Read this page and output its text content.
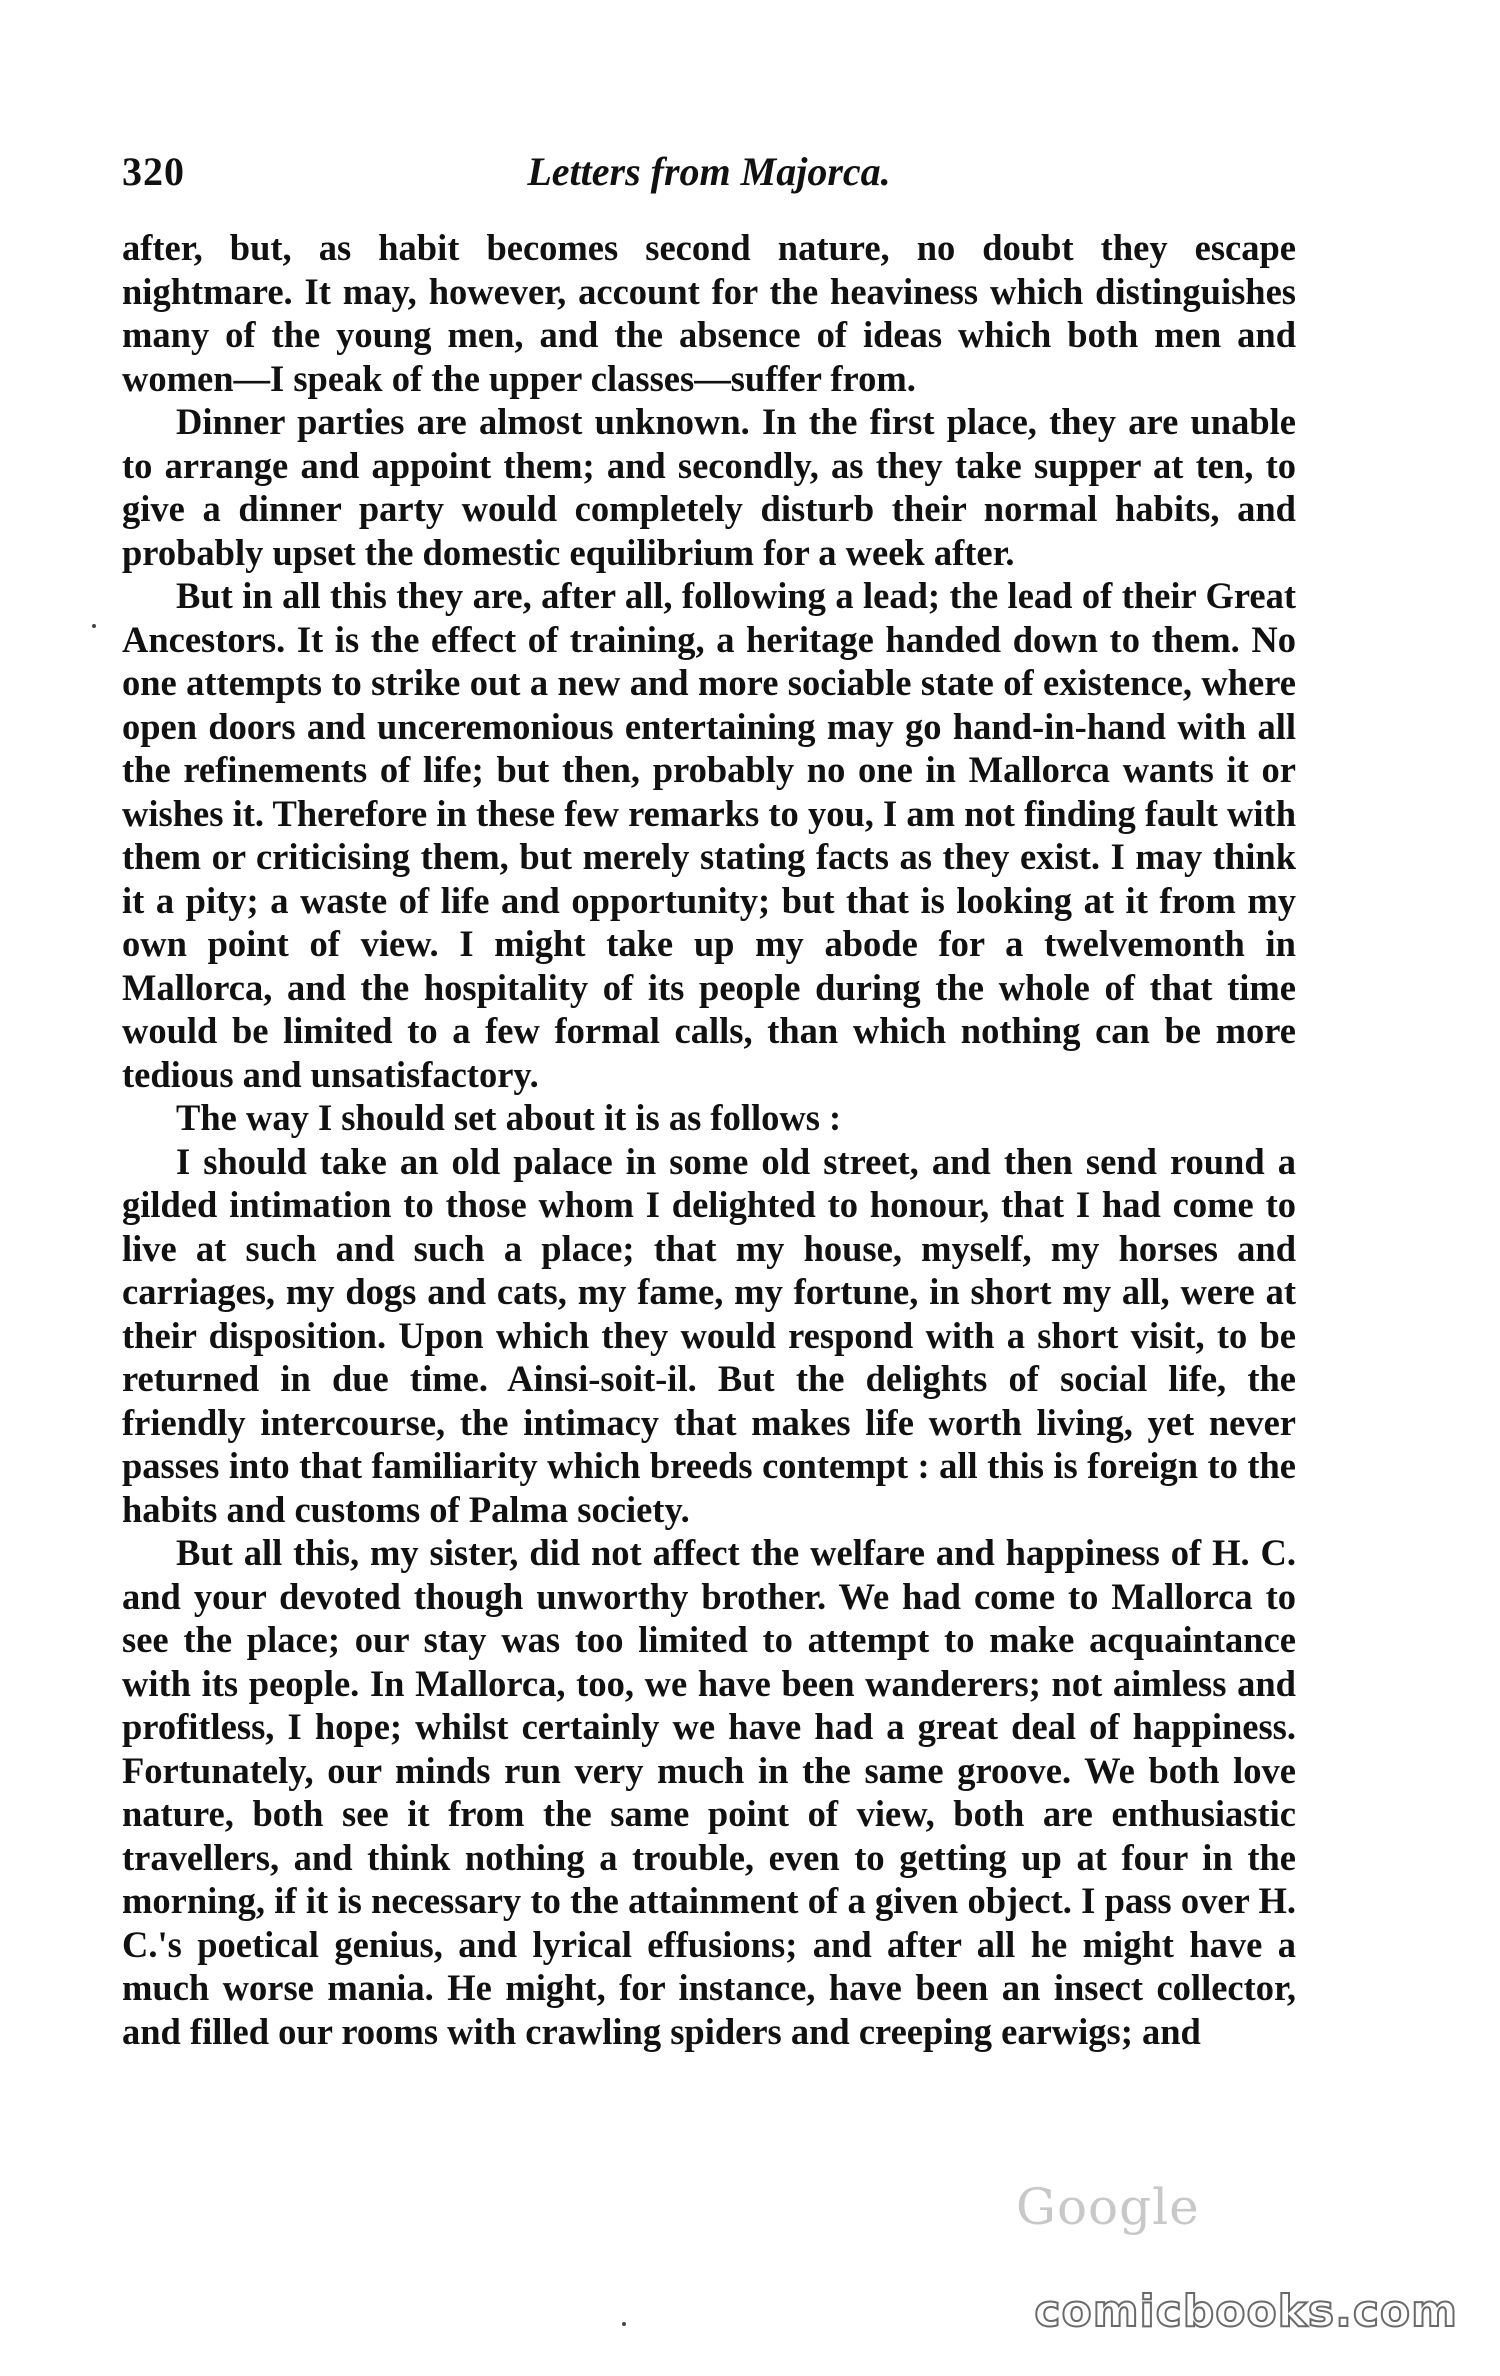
320	Letters from Majorca.

after, but, as habit becomes second nature, no doubt they escape nightmare. It may, however, account for the heaviness which distinguishes many of the young men, and the absence of ideas which both men and women—I speak of the upper classes—suffer from.

Dinner parties are almost unknown. In the first place, they are unable to arrange and appoint them; and secondly, as they take supper at ten, to give a dinner party would completely disturb their normal habits, and probably upset the domestic equilibrium for a week after.

But in all this they are, after all, following a lead; the lead of their Great Ancestors. It is the effect of training, a heritage handed down to them. No one attempts to strike out a new and more sociable state of existence, where open doors and unceremonious entertaining may go hand-in-hand with all the refinements of life; but then, probably no one in Mallorca wants it or wishes it. Therefore in these few remarks to you, I am not finding fault with them or criticising them, but merely stating facts as they exist. I may think it a pity; a waste of life and opportunity; but that is looking at it from my own point of view. I might take up my abode for a twelvemonth in Mallorca, and the hospitality of its people during the whole of that time would be limited to a few formal calls, than which nothing can be more tedious and unsatisfactory.

The way I should set about it is as follows :

I should take an old palace in some old street, and then send round a gilded intimation to those whom I delighted to honour, that I had come to live at such and such a place; that my house, myself, my horses and carriages, my dogs and cats, my fame, my fortune, in short my all, were at their disposition. Upon which they would respond with a short visit, to be returned in due time. Ainsi-soit-il. But the delights of social life, the friendly intercourse, the intimacy that makes life worth living, yet never passes into that familiarity which breeds contempt : all this is foreign to the habits and customs of Palma society.

But all this, my sister, did not affect the welfare and happiness of H. C. and your devoted though unworthy brother. We had come to Mallorca to see the place; our stay was too limited to attempt to make acquaintance with its people. In Mallorca, too, we have been wanderers; not aimless and profitless, I hope; whilst certainly we have had a great deal of happiness. Fortunately, our minds run very much in the same groove. We both love nature, both see it from the same point of view, both are enthusiastic travellers, and think nothing a trouble, even to getting up at four in the morning, if it is necessary to the attainment of a given object. I pass over H. C.'s poetical genius, and lyrical effusions; and after all he might have a much worse mania. He might, for instance, have been an insect collector, and filled our rooms with crawling spiders and creeping earwigs; and

Google
comicbooks.com
